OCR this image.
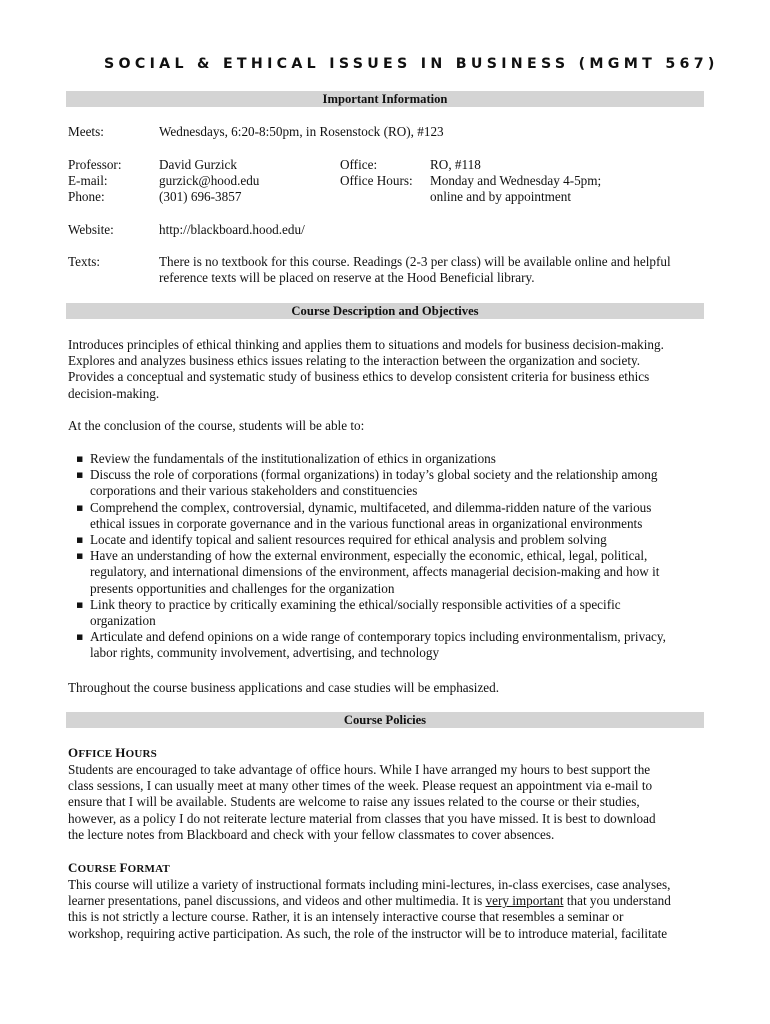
SOCIAL & ETHICAL ISSUES IN BUSINESS (MGMT 567)
Important Information
Meets:	Wednesdays, 6:20-8:50pm, in Rosenstock (RO), #123
Professor:	David Gurzick	Office:	RO, #118
E-mail:	gurzick@hood.edu	Office Hours: Monday and Wednesday 4-5pm;
Phone:	(301) 696-3857	online and by appointment
Website:	http://blackboard.hood.edu/
Texts:	There is no textbook for this course. Readings (2-3 per class) will be available online and helpful
reference texts will be placed on reserve at the Hood Beneficial library.
Course Description and Objectives

Introduces principles of ethical thinking and applies them to situations and models for business decision-making.

Explores and analyzes business ethics issues relating to the interaction between the organization and society.

Provides a conceptual and systematic study of business ethics to develop consistent criteria for business ethics

decision-making.

At the conclusion of the course, students will be able to:
▪ Review the fundamentals of the institutionalization of ethics in organizations
▪ Discuss the role of corporations (formal organizations) in today’s global society and the relationship among
corporations and their various stakeholders and constituencies
▪ Comprehend the complex, controversial, dynamic, multifaceted, and dilemma-ridden nature of the various
ethical issues in corporate governance and in the various functional areas in organizational environments
▪ Locate and identify topical and salient resources required for ethical analysis and problem solving
▪ Have an understanding of how the external environment, especially the economic, ethical, legal, political,
regulatory, and international dimensions of the environment, affects managerial decision-making and how it
presents opportunities and challenges for the organization
▪ Link theory to practice by critically examining the ethical/socially responsible activities of a specific
organization
▪ Articulate and defend opinions on a wide range of contemporary topics including environmentalism, privacy,
labor rights, community involvement, advertising, and technology
Throughout the course business applications and case studies will be emphasized.
Course Policies
OFFICE HOURS

Students are encouraged to take advantage of office hours. While I have arranged my hours to best support the

class sessions, I can usually meet at many other times of the week. Please request an appointment via e-mail to

ensure that I will be available. Students are welcome to raise any issues related to the course or their studies,

however, as a policy I do not reiterate lecture material from classes that you have missed. It is best to download

the lecture notes from Blackboard and check with your fellow classmates to cover absences.

COURSE FORMAT

This course will utilize a variety of instructional formats including mini-lectures, in-class exercises, case analyses,

learner presentations, panel discussions, and videos and other multimedia. It is very important that you understand

this is not strictly a lecture course. Rather, it is an intensely interactive course that resembles a seminar or

workshop, requiring active participation. As such, the role of the instructor will be to introduce material, facilitate
